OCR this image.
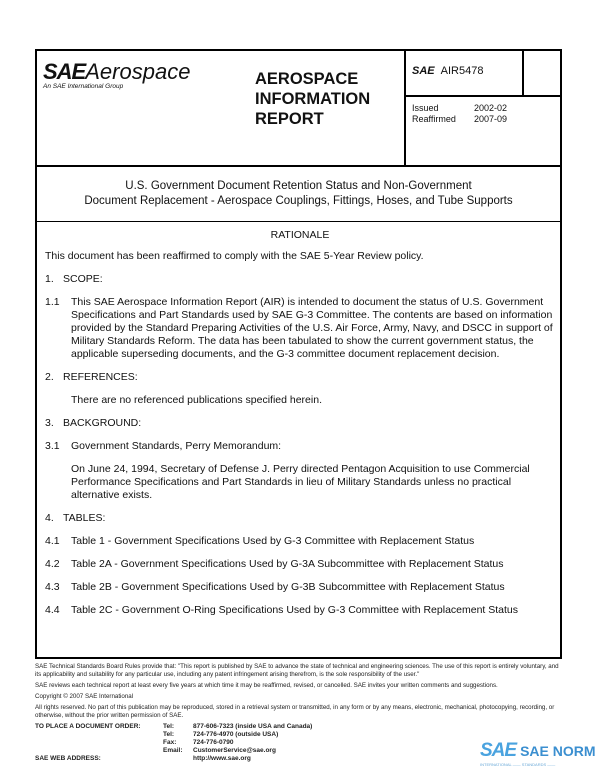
SAEAerospace
An SAE International Group	AEROSPACE
INFORMATION
REPORT
SAE AIR5478
Issued	2002-02
Reaffirmed 2007-09
U.S. Government Document Retention Status and Non-Government
Document Replacement - Aerospace Couplings, Fittings, Hoses, and Tube Supports
RATIONALE

This document has been reaffirmed to comply with the SAE 5-Year Review policy.

1. SCOPE:

1.1	This SAE Aerospace Information Report (AIR) is intended to document the status of U.S. Government Specifications and Part Standards used by SAE G-3 Committee. The contents are based on information provided by the Standard Preparing Activities of the U.S. Air Force, Army, Navy, and DSCC in support of Military Standards Reform. The data has been tabulated to show the current government status, the applicable superseding documents, and the G-3 committee document replacement decision.

2. REFERENCES:

There are no referenced publications specified herein.

3. BACKGROUND:

3.1	Government Standards, Perry Memorandum:

On June 24, 1994, Secretary of Defense J. Perry directed Pentagon Acquisition to use Commercial Performance Specifications and Part Standards in lieu of Military Standards unless no practical alternative exists.

4. TABLES:

4.1	Table 1 - Government Specifications Used by G-3 Committee with Replacement Status
4.2	Table 2A - Government Specifications Used by G-3A Subcommittee with Replacement Status
4.3	Table 2B - Government Specifications Used by G-3B Subcommittee with Replacement Status
4.4	Table 2C - Government O-Ring Specifications Used by G-3 Committee with Replacement Status

SAE Technical Standards Board Rules provide that: "This report is published by SAE to advance the state of technical and engineering sciences. The use of this report is entirely voluntary, and its applicability and suitability for any particular use, including any patent infringement arising therefrom, is the sole responsibility of the user."

SAE reviews each technical report at least every five years at which time it may be reaffirmed, revised, or cancelled. SAE invites your written comments and suggestions.

Copyright © 2007 SAE International

All rights reserved. No part of this publication may be reproduced, stored in a retrieval system or transmitted, in any form or by any means, electronic, mechanical, photocopying, recording, or otherwise, without the prior written permission of SAE.

TO PLACE A DOCUMENT ORDER:	Tel:	877-606-7323 (inside USA and Canada)
Tel:	724-776-4970 (outside USA)
Fax:	724-776-0790
Email:	CustomerService@sae.org
SAE WEB ADDRESS:	http://www.sae.org	SAE SAE NORM
INTERNATIONAL —— STANDARDS ——
